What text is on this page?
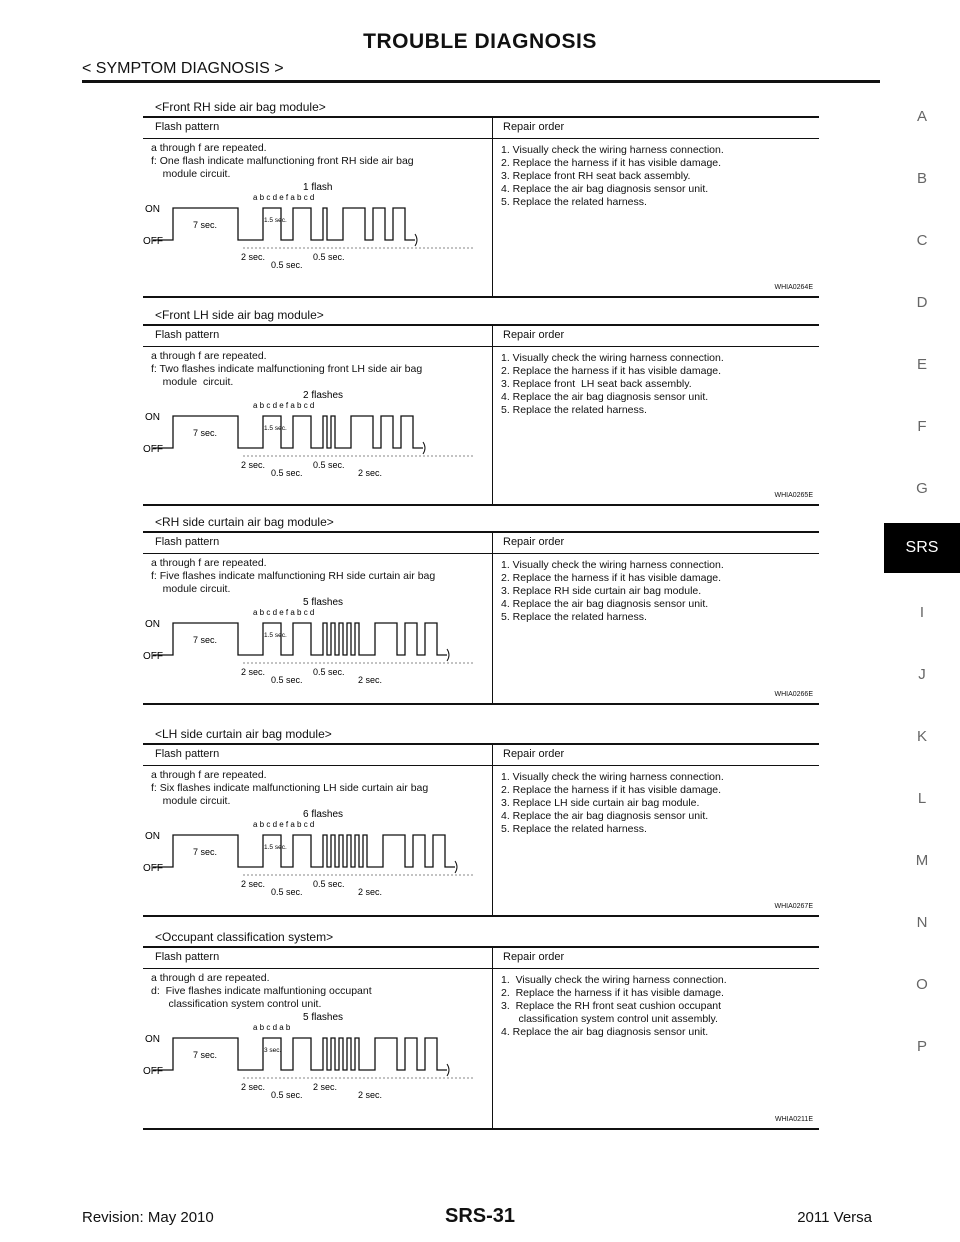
TROUBLE DIAGNOSIS
< SYMPTOM DIAGNOSIS >
A
B
C
D
E
F
G
SRS
I
J
K
L
M
N
O
P
<Front RH side air bag module>
Flash pattern	Repair order
a through f are repeated.
f: One flash indicate malfunctioning front RH side air bag
module circuit.
1. Visually check the wiring harness connection.
2. Replace the harness if it has visible damage.
3. Replace front RH seat back assembly.
4. Replace the air bag diagnosis sensor unit.
5. Replace the related harness.
1 flash
a b c d e f a b c d
ON
OFF
7 sec.	1.5 sec.
2 sec.
0.5 sec.
0.5 sec.
WHIA0264E
<Front LH side air bag module>
Flash pattern	Repair order
a through f are repeated.
f: Two flashes indicate malfunctioning front LH side air bag
module  circuit.
1. Visually check the wiring harness connection.
2. Replace the harness if it has visible damage.
3. Replace front  LH seat back assembly.
4. Replace the air bag diagnosis sensor unit.
5. Replace the related harness.
2 flashes
a b c d e f a b c d
ON
OFF
7 sec.	1.5 sec.
2 sec.
0.5 sec.
0.5 sec.
2 sec.
WHIA0265E
<RH side curtain air bag module>
Flash pattern	Repair order
a through f are repeated.
f: Five flashes indicate malfunctioning RH side curtain air bag
module circuit.
1. Visually check the wiring harness connection.
2. Replace the harness if it has visible damage.
3. Replace RH side curtain air bag module.
4. Replace the air bag diagnosis sensor unit.
5. Replace the related harness.
5 flashes
a b c d e f a b c d
ON
OFF
7 sec.	1.5 sec.
2 sec.
0.5 sec.
0.5 sec.
2 sec.
WHIA0266E
<LH side curtain air bag module>
Flash pattern	Repair order
a through f are repeated.
f: Six flashes indicate malfunctioning LH side curtain air bag
module circuit.
1. Visually check the wiring harness connection.
2. Replace the harness if it has visible damage.
3. Replace LH side curtain air bag module.
4. Replace the air bag diagnosis sensor unit.
5. Replace the related harness.
6 flashes
a b c d e f a b c d
ON
OFF
7 sec.	1.5 sec.
2 sec.
0.5 sec.
0.5 sec.
2 sec.
WHIA0267E
<Occupant classification system>
Flash pattern	Repair order
a through d are repeated.
d:  Five flashes indicate malfuntioning occupant
classification system control unit.
1.  Visually check the wiring harness connection.
2.  Replace the harness if it has visible damage.
3.  Replace the RH front seat cushion occupant
classification system control unit assembly.
4. Replace the air bag diagnosis sensor unit.
5 flashes
a b c d a b
ON
OFF
7 sec.	3 sec.
2 sec.
0.5 sec.
2 sec.
2 sec.
WHIA0211E
Revision: May 2010	SRS-31	2011 Versa
